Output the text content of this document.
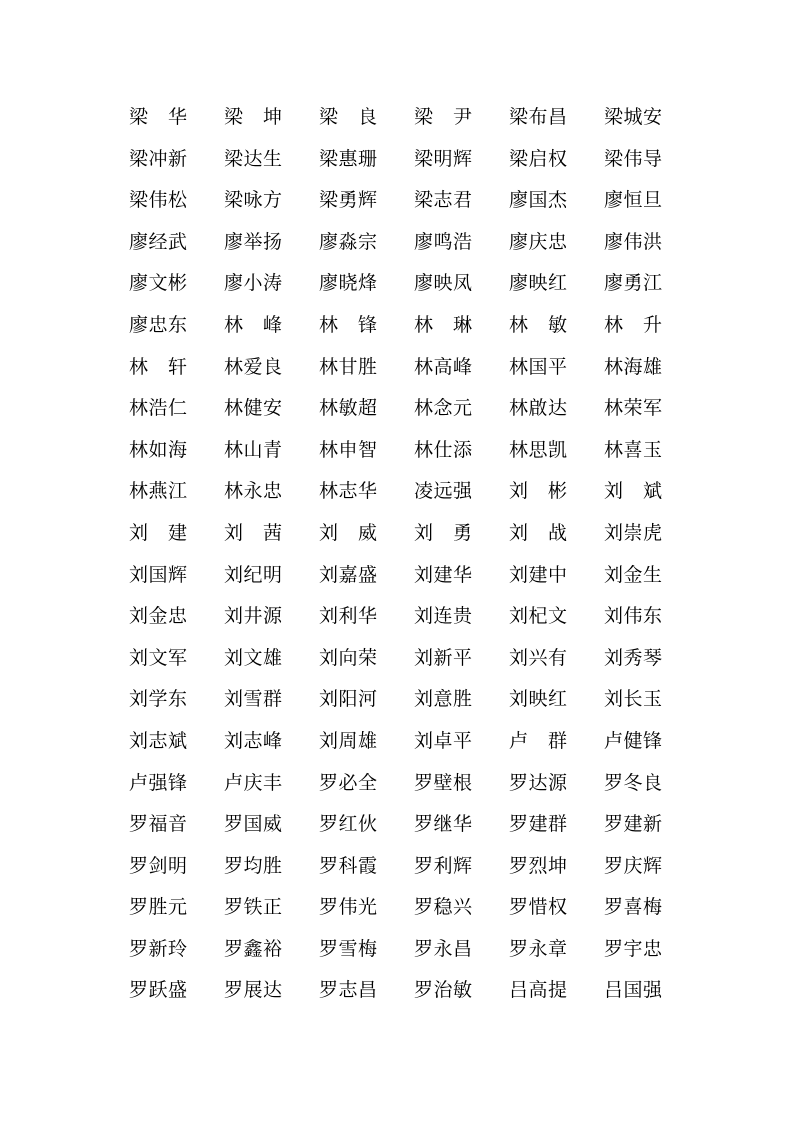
梁　华	梁　坤	梁　良	梁　尹	梁布昌	梁城安
梁冲新	梁达生	梁惠珊	梁明辉	梁启权	梁伟导
梁伟松	梁咏方	梁勇辉	梁志君	廖国杰	廖恒旦
廖经武	廖举扬	廖淼宗	廖鸣浩	廖庆忠	廖伟洪
廖文彬	廖小涛	廖晓烽	廖映凤	廖映红	廖勇江
廖忠东	林　峰	林　锋	林　琳	林　敏	林　升
林　轩	林爱良	林甘胜	林高峰	林国平	林海雄
林浩仁	林健安	林敏超	林念元	林啟达	林荣军
林如海	林山青	林申智	林仕添	林思凯	林喜玉
林燕江	林永忠	林志华	凌远强	刘　彬	刘　斌
刘　建	刘　茜	刘　威	刘　勇	刘　战	刘崇虎
刘国辉	刘纪明	刘嘉盛	刘建华	刘建中	刘金生
刘金忠	刘井源	刘利华	刘连贵	刘杞文	刘伟东
刘文军	刘文雄	刘向荣	刘新平	刘兴有	刘秀琴
刘学东	刘雪群	刘阳河	刘意胜	刘映红	刘长玉
刘志斌	刘志峰	刘周雄	刘卓平	卢　群	卢健锋
卢强锋	卢庆丰	罗必全	罗壁根	罗达源	罗冬良
罗福音	罗国威	罗红伙	罗继华	罗建群	罗建新
罗剑明	罗均胜	罗科霞	罗利辉	罗烈坤	罗庆辉
罗胜元	罗铁正	罗伟光	罗稳兴	罗惜权	罗喜梅
罗新玲	罗鑫裕	罗雪梅	罗永昌	罗永章	罗宇忠
罗跃盛	罗展达	罗志昌	罗治敏	吕高提	吕国强
